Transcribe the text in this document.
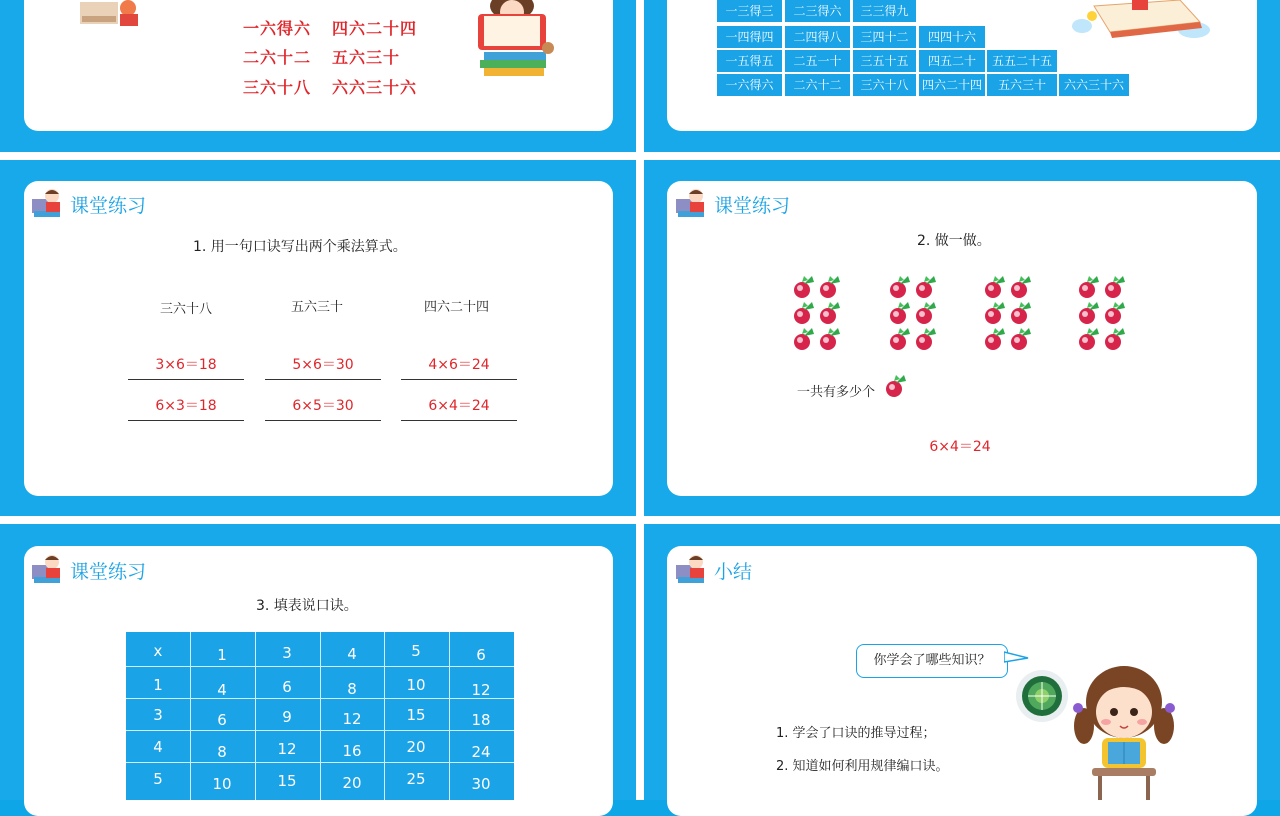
一六得六 四六二十四
二六十二 五六三十
三六十八 六六三十六
一三得三	二三得六	三三得九
一四得四	二四得八	三四十二	四四十六
一五得五	二五一十	三五十五	四五二十	五五二十五
一六得六	二六十二	三六十八	四六二十四	五六三十	六六三十六
课堂练习
1. 用一句口诀写出两个乘法算式。
三六十八	五六三十	四六二十四
3×6＝18	5×6＝30	4×6＝24
6×3＝18	6×5＝30	6×4＝24
课堂练习
2. 做一做。
一共有多少个
6×4＝24
课堂练习
3. 填表说口诀。
x	1	3	4	5	6
1	4	6	8	10	12
3	6	9	12	15	18
4	8	12	16	20	24
5	10	15	20	25	30
小结
你学会了哪些知识？
1. 学会了口诀的推导过程；
2. 知道如何利用规律编口诀。
